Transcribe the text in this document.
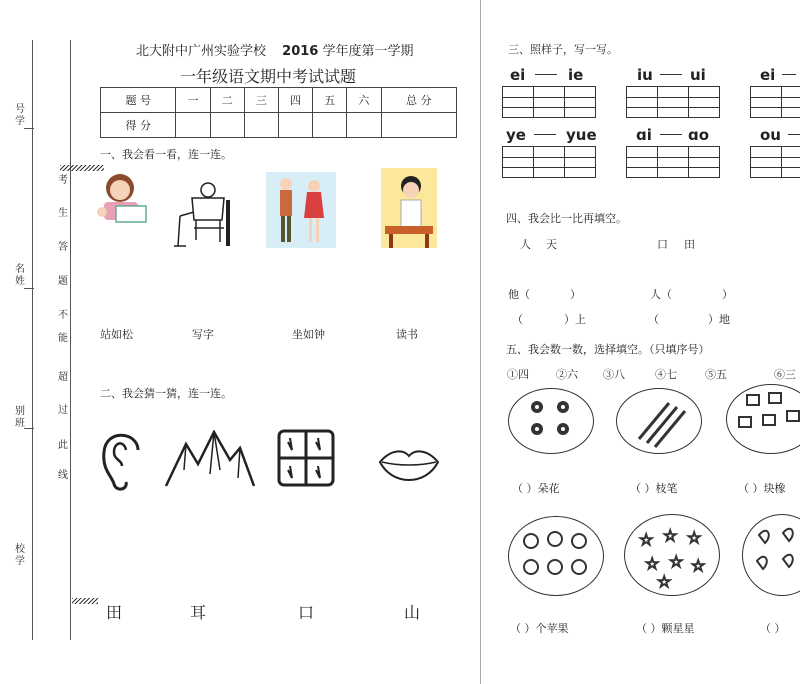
号学
名姓
别班
校学
考
生
答
题
不
能
超
过
此
线
北大附中广州实验学校 2016 学年度第一学期
一年级语文期中考试试题
题 号	一	二	三	四	五	六	总 分
得 分							
一、我会看一看，连一连。
站如松	写字	坐如钟	读书
二、我会猜一猜，连一连。
田	耳	口	山
三、照样子，写一写。
ei	ie	iu ui	ei
ye	yue	ɑi ɑo	ou
四、我会比一比再填空。
人 天	口 田
他（	）	人（	）
（	）上	（	）地
五、我会数一数，选择填空。（只填序号）
①四 ②六 ③八	④七	⑤五	⑥三
（ ）朵花	（ ）枝笔	（ ）块橡
☆ ☆ ☆
☆ ☆ ☆
☆
（ ）个苹果	（ ）颗星星	（ ）
